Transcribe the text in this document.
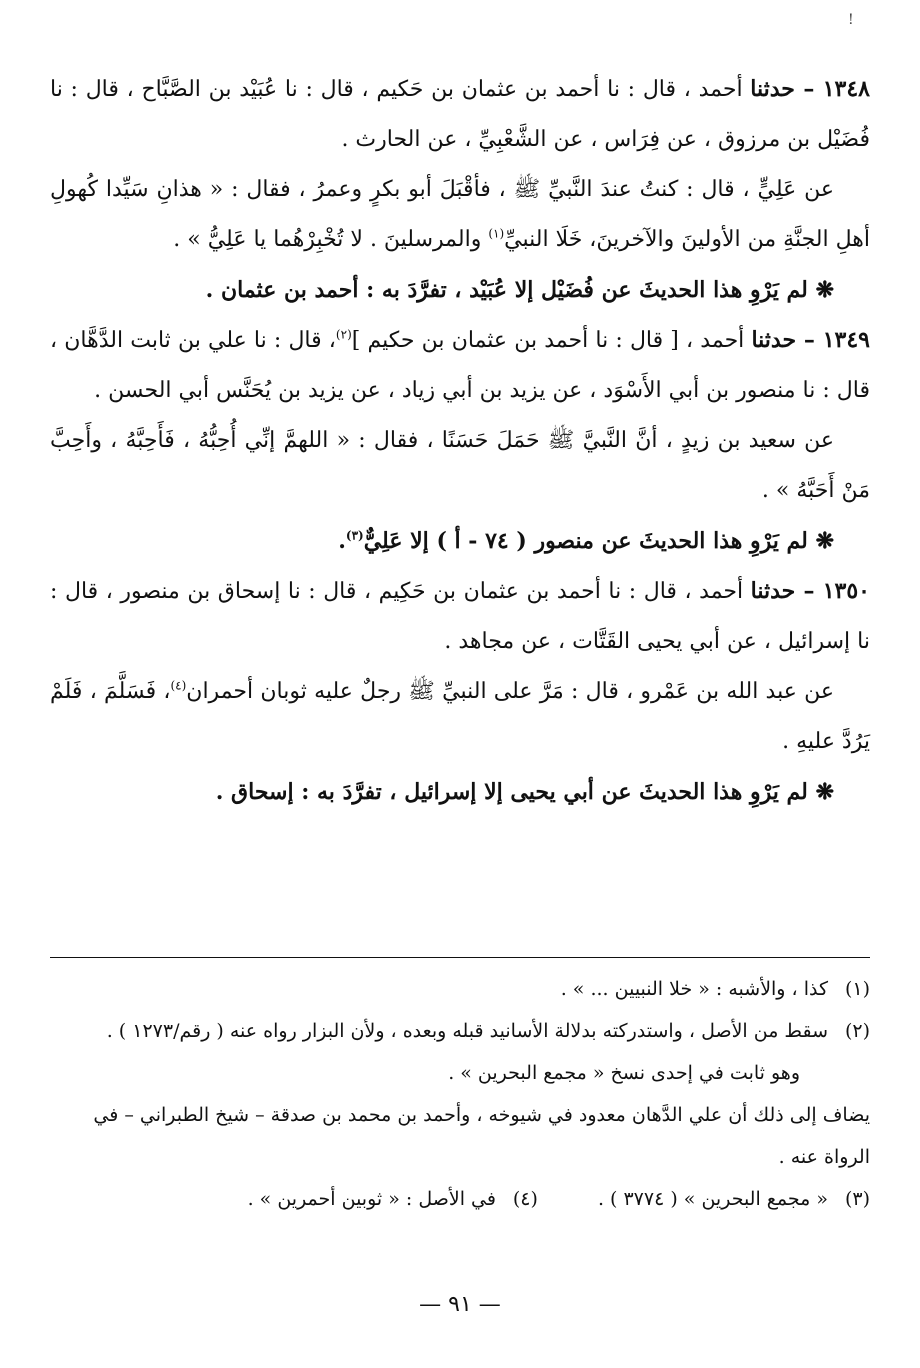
!
١٣٤٨ – حدثنا أحمد ، قال : نا أحمد بن عثمان بن حَكيم ، قال : نا عُبَيْد بن الصَّبَّاح ، قال : نا فُضَيْل بن مرزوق ، عن فِرَاس ، عن الشَّعْبِيِّ ، عن الحارث .
عن عَلِيٍّ ، قال : كنتُ عندَ النَّبيِّ ﷺ ، فأقْبَلَ أبو بكرٍ وعمرُ ، فقال : « هذانِ سَيِّدا كُهولِ أهلِ الجنَّةِ من الأولينَ والآخرينَ، خَلَا النبيِّ$^{(١)}$ والمرسلينَ . لا تُخْبِرْهُما يا عَلِيُّ » .

❋ لم يَرْوِ هذا الحديثَ عن فُضَيْل إلا عُبَيْد ، تفرَّدَ به : أحمد بن عثمان .

١٣٤٩ – حدثنا أحمد ، [ قال : نا أحمد بن عثمان بن حكيم ]$^{(٢)}$، قال : نا علي بن ثابت الدَّهَّان ، قال : نا منصور بن أبي الأَسْوَد ، عن يزيد بن أبي زياد ، عن يزيد بن يُحَنَّس أبي الحسن .
عن سعيد بن زيدٍ ، أنَّ النَّبيَّ ﷺ حَمَلَ حَسَنًا ، فقال : « اللهمَّ إنِّي أُحِبُّهُ ، فَأَحِبَّهُ ، وأَحِبَّ مَنْ أَحَبَّهُ » .

❋ لم يَرْوِ هذا الحديثَ عن منصور ( ٧٤ - أ ) إلا عَلِيٌّ$^{(٣)}$.

١٣٥٠ – حدثنا أحمد ، قال : نا أحمد بن عثمان بن حَكِيم ، قال : نا إسحاق بن منصور ، قال : نا إسرائيل ، عن أبي يحيى القَتَّات ، عن مجاهد .
عن عبد الله بن عَمْرو ، قال : مَرَّ على النبيِّ ﷺ رجلٌ عليه ثوبان أحمران$^{(٤)}$، فَسَلَّمَ ، فَلَمْ يَرُدَّ عليهِ .

❋ لم يَرْوِ هذا الحديثَ عن أبي يحيى إلا إسرائيل ، تفرَّدَ به : إسحاق .

(١)
كذا ، والأشبه : « خلا النبيين ... » .
(٢)
سقط من الأصل ، واستدركته بدلالة الأسانيد قبله وبعده ، ولأن البزار رواه عنه ( رقم/١٢٧٣ ) .
وهو ثابت في إحدى نسخ « مجمع البحرين » .
يضاف إلى ذلك أن علي الدَّهان معدود في شيوخه ، وأحمد بن محمد بن صدقة – شيخ الطبراني – في الرواة عنه .
(٣)
« مجمع البحرين » ( ٣٧٧٤ ) .
(٤)
في الأصل : « ثوبين أحمرين » .
— ٩١ —
